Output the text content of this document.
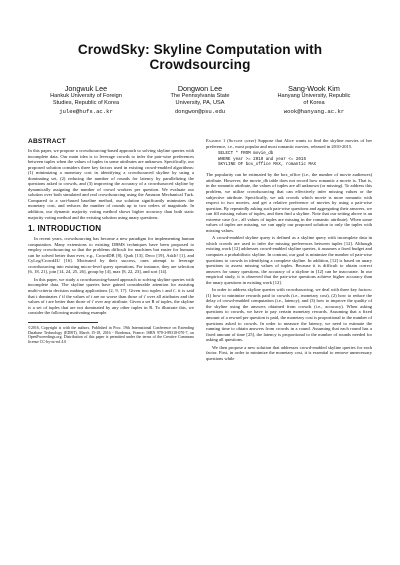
CrowdSky: Skyline Computation with Crowdsourcing
Jongwuk Lee
Hankuk University of Foreign
Studies, Republic of Korea
julee@hufs.ac.kr
Dongwon Lee
The Pennsylvania State
University, PA, USA
dongwon@psu.edu
Sang-Wook Kim
Hanyang University, Republic
of Korea
wook@hanyang.ac.kr
ABSTRACT

In this paper, we propose a crowdsourcing-based approach to solving skyline queries with incomplete data. Our main idea is to leverage crowds to infer the pair-wise preferences between tuples when the values of tuples in some attributes are unknown. Specifically, our proposed solution considers three key factors used in existing crowd-enabled algorithms: (1) minimizing a monetary cost in identifying a crowdsourced skyline by using a dominating set, (2) reducing the number of rounds for latency by parallelizing the questions asked to crowds, and (3) improving the accuracy of a crowdsourced skyline by dynamically assigning the number of crowd workers per question. We evaluate our solution over both simulated and real crowdsourcing using the Amazon Mechanical Turk. Compared to a sort-based baseline method, our solution significantly minimizes the monetary cost, and reduces the number of rounds up to two orders of magnitude. In addition, our dynamic majority voting method shows higher accuracy than both static majority voting method and the existing solution using unary questions.

1. INTRODUCTION

In recent years, crowdsourcing has become a new paradigm for implementing human computation. Many extensions to existing DBMS techniques have been proposed to employ crowdsourcing so that the problems difficult for machines but easier for humans can be solved better than ever, e.g., CrowdDB [8], Qurk [13], Deco [19], AskIt! [1], and CyLog/Crowd4U [16]. Motivated by their success, ones attempt to leverage crowdsourcing into existing micro-level query operations. For instance, they are selection [6, 18, 21], join [14, 24, 25, 26], group by [4], max [8, 22, 23], and sort [14].

In this paper, we study a crowdsourcing-based approach to solving skyline queries with incomplete data. The skyline queries have gained considerable attention for assisting multi-criteria decision making applications [2, 9, 17]. Given two tuples t and t', it is said that t dominates t' if the values of t are no worse than those of t' over all attributes and the values of t are better than those of t' over any attribute. Given a set R of tuples, the skyline is a set of tuples that are not dominated by any other tuples in R. To illustrate this, we consider the following motivating example.

©2016, Copyright is with the authors. Published in Proc. 19th International Conference on Extending Database Technology (EDBT), March 15-18, 2016 - Bordeaux, France: ISBN 978-3-89318-070-7, on OpenProceedings.org. Distribution of this paper is permitted under the terms of the Creative Commons license CC-by-nc-nd 4.0

Example 1 (Skyline query) Suppose that Alice wants to find the skyline movies of her preference, i.e., most popular and most romantic movies, released in 2010-2015.

SELECT * FROM movie_db
WHERE year >= 2010 and year <= 2015
SKYLINE OF box_office MAX, romantic MAX

The popularity can be estimated by the box_office (i.e., the number of movie audiences) attribute. However, the movie_db table does not record how romantic a movie is. That is, in the romantic attribute, the values of tuples are all unknown (or missing). To address this problem, we utilize crowdsourcing that can effectively infer missing values or the subjective attribute. Specifically, we ask crowds which movie is more romantic with respect to two movies, and get a relative preference of movies by using a pair-wise question. By repeatedly asking such pair-wise questions and aggregating their answers, we can fill missing values of tuples, and then find a skyline. Note that our setting above is an extreme case (i.e., all values of tuples are missing in the romantic attribute). When some values of tuples are missing, we can apply our proposed solution to only the tuples with missing values.

A crowd-enabled skyline query is defined as a skyline query with incomplete data in which crowds are used to infer the missing preferences between tuples [12]. Although existing work [12] addresses crowd-enabled skyline queries, it assumes a fixed budget and computes a probabilistic skyline. In contrast, our goal is minimize the number of pair-wise questions to crowds in identifying a complete skyline. In addition, [12] is based on unary questions to assess missing values of tuples. Because it is difficult to obtain correct answers for unary questions, the accuracy of a skyline in [12] can be inaccurate. In our empirical study, it is observed that the pair-wise questions achieve higher accuracy than the unary questions in existing work [12].

In order to address skyline queries with crowdsourcing, we deal with three key factors: (1) how to minimize rewards paid to crowds (i.e., monetary cost), (2) how to reduce the delay of crowd-enabled computation (i.e., latency), and (3) how to improve the quality of the skyline using the answers obtained from crowds (i.e., accuracy). When asking questions to crowds, we have to pay certain monetary rewards. Assuming that a fixed amount of a reward per question is paid, the monetary cost is proportional to the number of questions asked to crowds. In order to measure the latency, we need to estimate the running time to obtain answers from crowds in a round. Assuming that each round has a fixed amount of time [25], the latency is proportional to the number of rounds needed for asking all questions.

We then propose a new solution that addresses crowd-enabled skyline queries for each factor. First, in order to minimize the monetary cost, it is essential to remove unnecessary questions while
